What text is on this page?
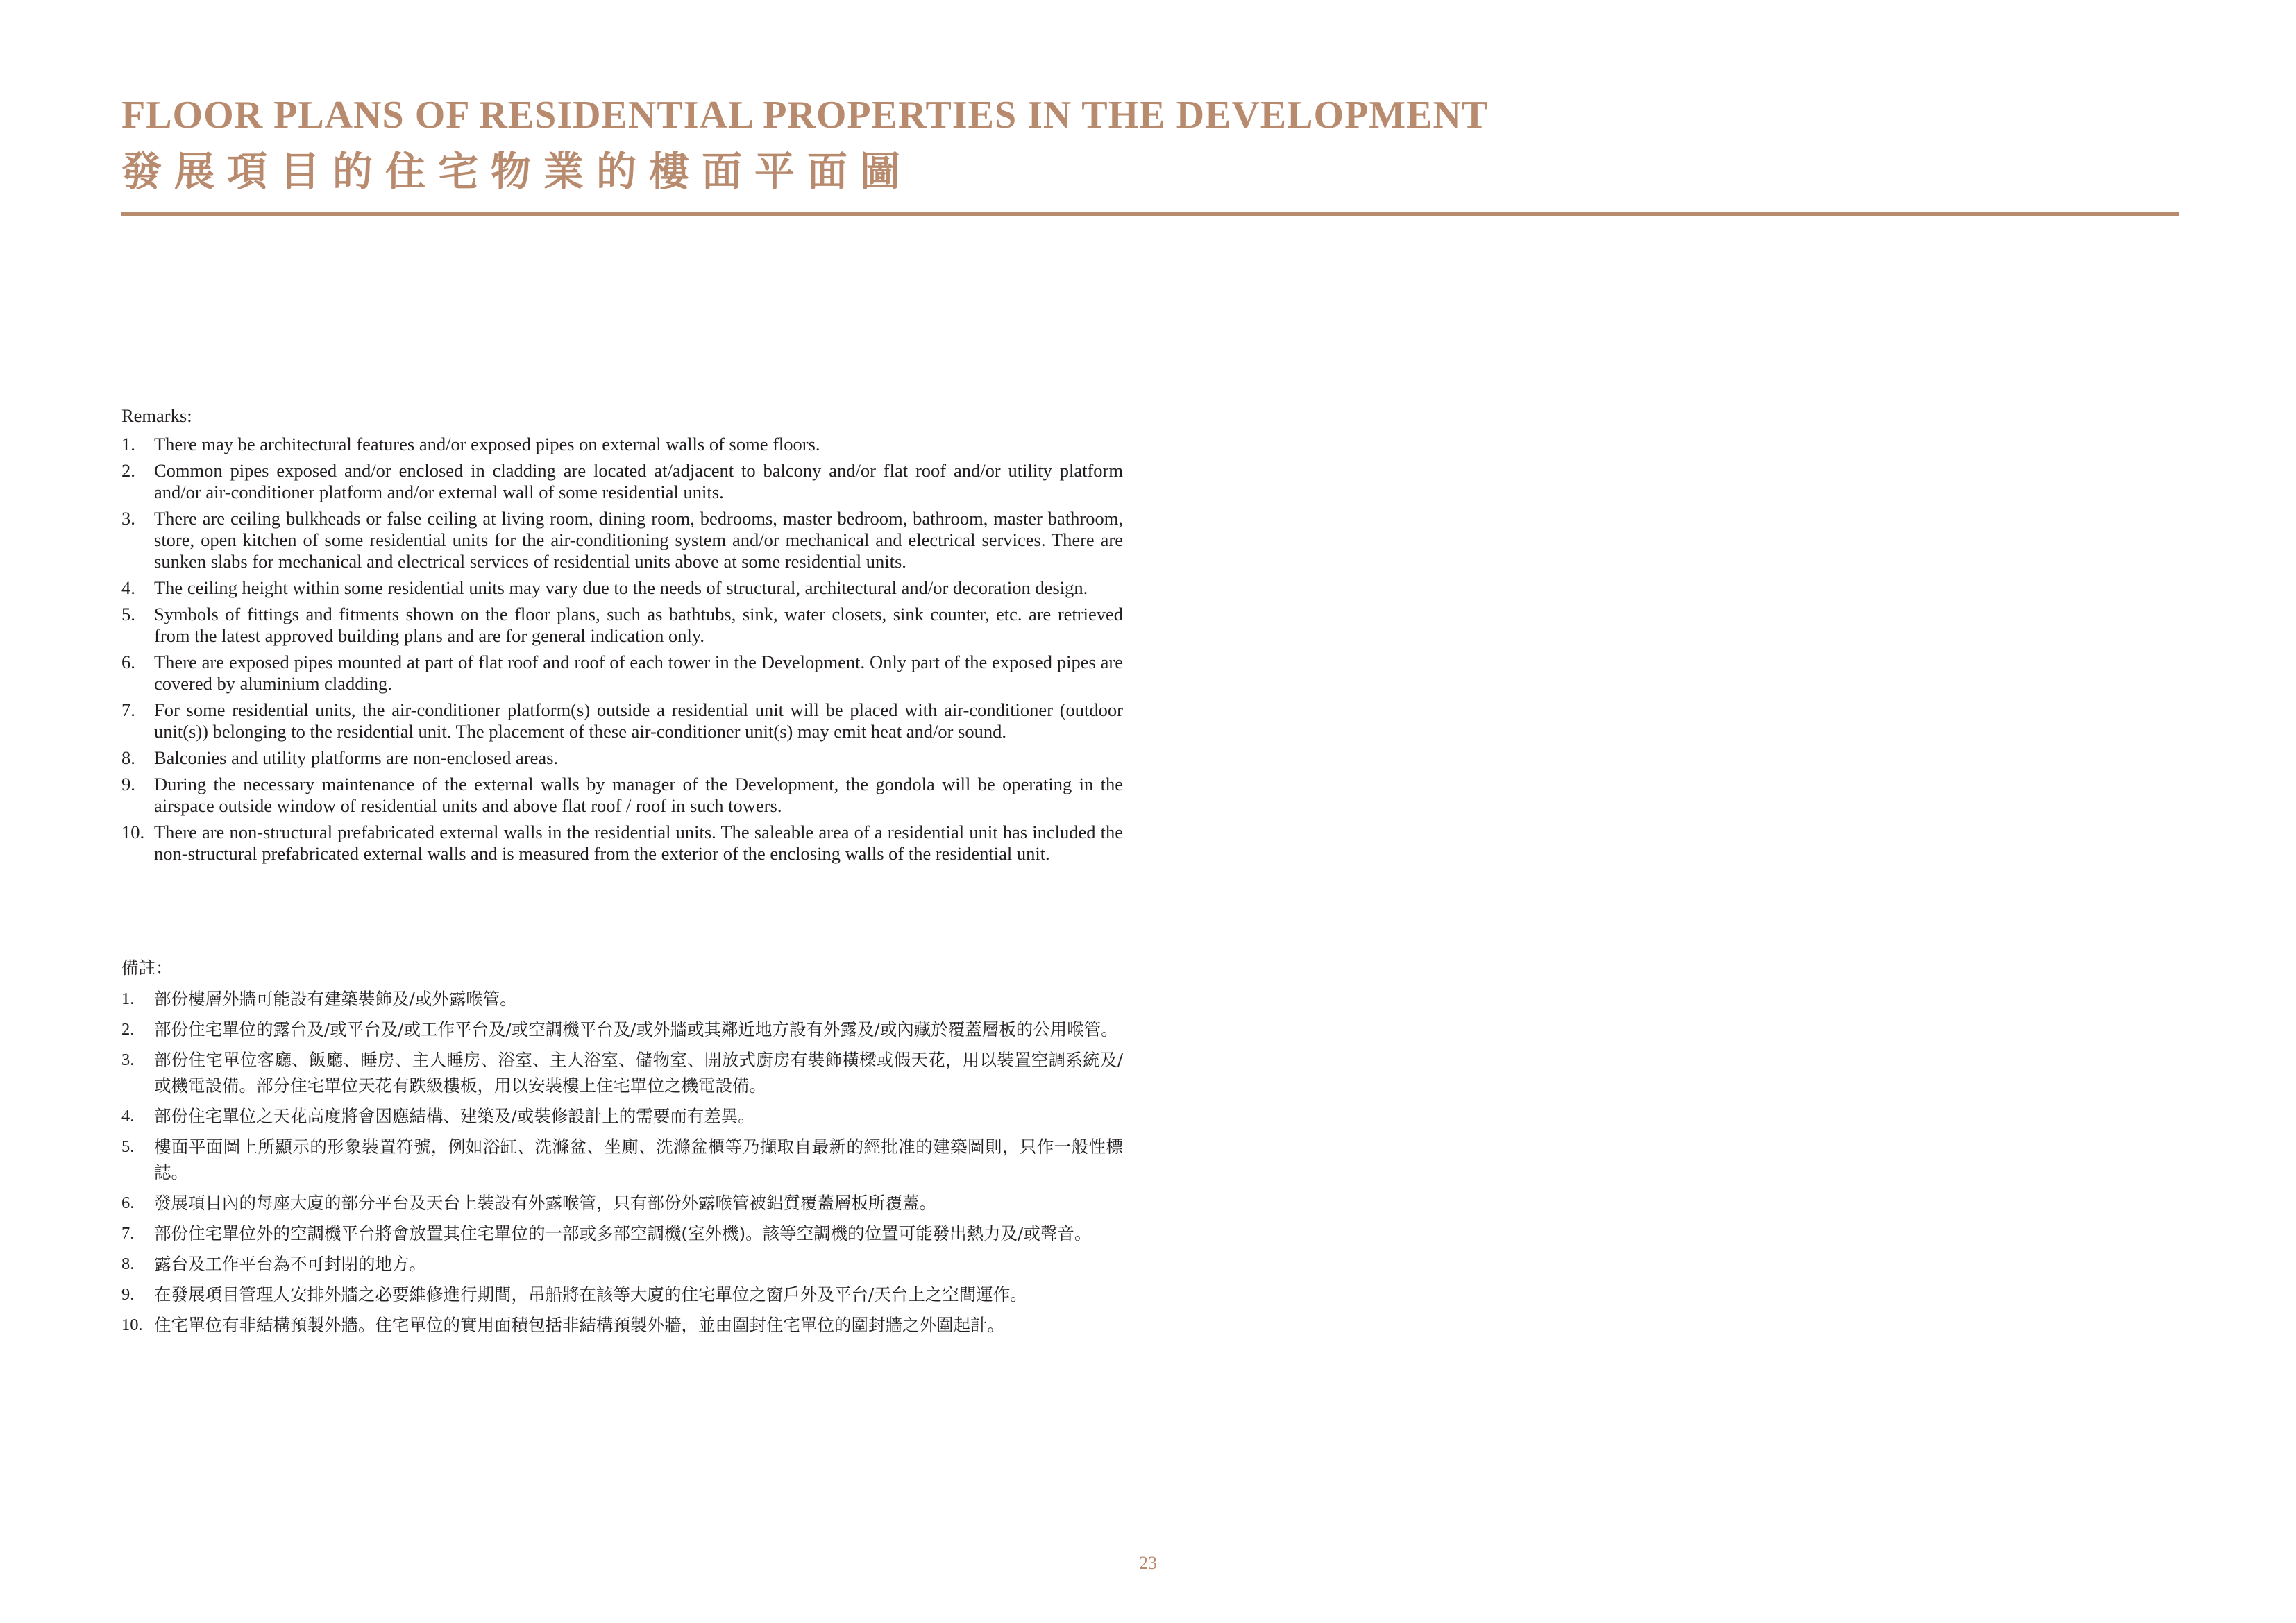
FLOOR PLANS OF RESIDENTIAL PROPERTIES IN THE DEVELOPMENT
發展項目的住宅物業的樓面平面圖
Remarks:
1. There may be architectural features and/or exposed pipes on external walls of some floors.
2. Common pipes exposed and/or enclosed in cladding are located at/adjacent to balcony and/or flat roof and/or utility platform and/or air-conditioner platform and/or external wall of some residential units.
3. There are ceiling bulkheads or false ceiling at living room, dining room, bedrooms, master bedroom, bathroom, master bathroom, store, open kitchen of some residential units for the air-conditioning system and/or mechanical and electrical services. There are sunken slabs for mechanical and electrical services of residential units above at some residential units.
4. The ceiling height within some residential units may vary due to the needs of structural, architectural and/or decoration design.
5. Symbols of fittings and fitments shown on the floor plans, such as bathtubs, sink, water closets, sink counter, etc. are retrieved from the latest approved building plans and are for general indication only.
6. There are exposed pipes mounted at part of flat roof and roof of each tower in the Development. Only part of the exposed pipes are covered by aluminium cladding.
7. For some residential units, the air-conditioner platform(s) outside a residential unit will be placed with air-conditioner (outdoor unit(s)) belonging to the residential unit. The placement of these air-conditioner unit(s) may emit heat and/or sound.
8. Balconies and utility platforms are non-enclosed areas.
9. During the necessary maintenance of the external walls by manager of the Development, the gondola will be operating in the airspace outside window of residential units and above flat roof / roof in such towers.
10. There are non-structural prefabricated external walls in the residential units. The saleable area of a residential unit has included the non-structural prefabricated external walls and is measured from the exterior of the enclosing walls of the residential unit.
備註：
1. 部份樓層外牆可能設有建築裝飾及/或外露喉管。
2. 部份住宅單位的露台及/或平台及/或工作平台及/或空調機平台及/或外牆或其鄰近地方設有外露及/或內藏於覆蓋層板的公用喉管。
3. 部份住宅單位客廳、飯廳、睡房、主人睡房、浴室、主人浴室、儲物室、開放式廚房有裝飾橫樑或假天花，用以裝置空調系統及/或機電設備。部分住宅單位天花有跌級樓板，用以安裝樓上住宅單位之機電設備。
4. 部份住宅單位之天花高度將會因應結構、建築及/或裝修設計上的需要而有差異。
5. 樓面平面圖上所顯示的形象裝置符號，例如浴缸、洗滌盆、坐廁、洗滌盆櫃等乃擷取自最新的經批准的建築圖則，只作一般性標誌。
6. 發展項目內的每座大廈的部分平台及天台上裝設有外露喉管，只有部份外露喉管被鋁質覆蓋層板所覆蓋。
7. 部份住宅單位外的空調機平台將會放置其住宅單位的一部或多部空調機(室外機)。該等空調機的位置可能發出熱力及/或聲音。
8. 露台及工作平台為不可封閉的地方。
9. 在發展項目管理人安排外牆之必要維修進行期間，吊船將在該等大廈的住宅單位之窗戶外及平台/天台上之空間運作。
10. 住宅單位有非結構預製外牆。住宅單位的實用面積包括非結構預製外牆，並由圍封住宅單位的圍封牆之外圍起計。
23
